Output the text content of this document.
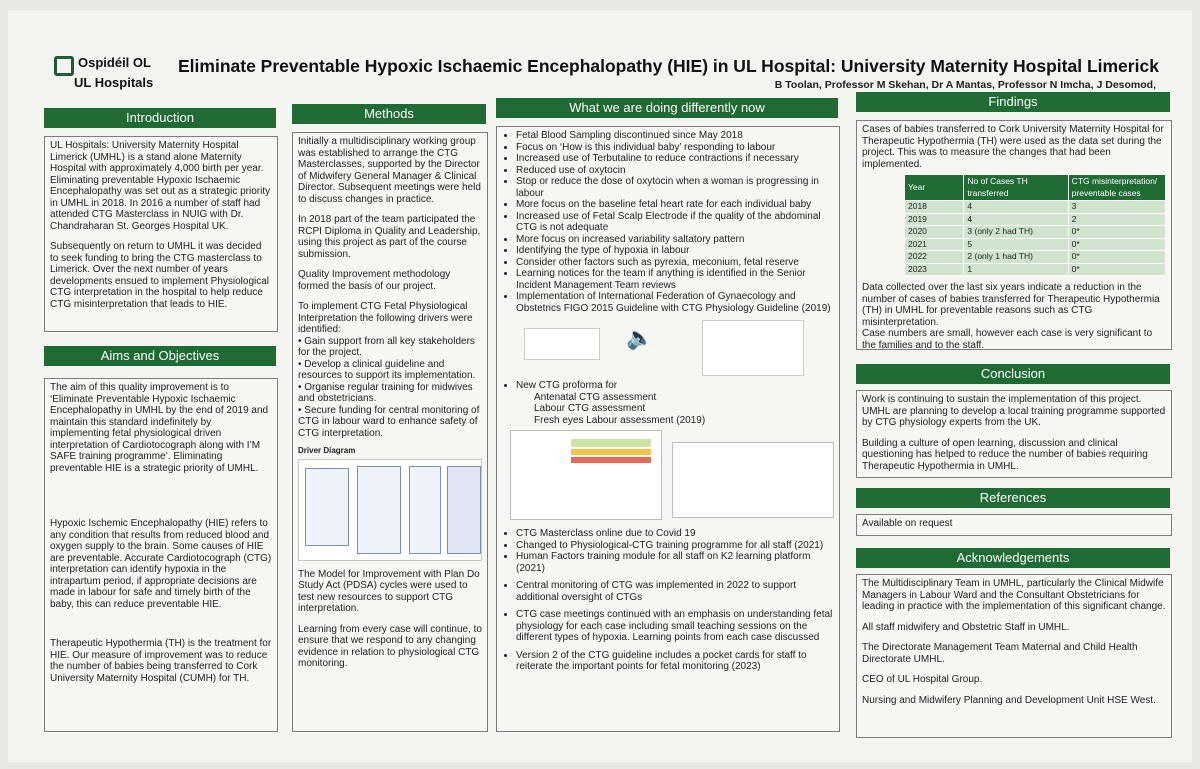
Ospidéil OL
UL Hospitals
Eliminate Preventable Hypoxic Ischaemic Encephalopathy (HIE) in UL Hospital: University Maternity Hospital Limerick
B Toolan, Professor M Skehan, Dr A Mantas, Professor N Imcha, J Desomod,
Introduction

UL Hospitals: University Maternity Hospital Limerick (UMHL) is a stand alone Maternity Hospital with approximately 4,000 birth per year. Eliminating preventable Hypoxic Ischaemic Encephalopathy was set out as a strategic priority in UMHL in 2018. In 2016 a number of staff had attended CTG Masterclass in NUIG with Dr. Chandraharan St. Georges Hospital UK.

Subsequently on return to UMHL it was decided to seek funding to bring the CTG masterclass to Limerick. Over the next number of years developments ensued to implement Physiological CTG interpretation in the hospital to help reduce CTG misinterpretation that leads to HIE.

Aims and Objectives

The aim of this quality improvement is to ‘Eliminate Preventable Hypoxic Ischaemic Encephalopathy in UMHL by the end of 2019 and maintain this standard indefinitely by implementing fetal physiological driven interpretation of Cardiotocograph along with I’M SAFE training programme’. Eliminating preventable HIE is a strategic priority of UMHL.

Hypoxic Ischemic Encephalopathy (HIE) refers to any condition that results from reduced blood and oxygen supply to the brain. Some causes of HIE are preventable. Accurate Cardiotocograph (CTG) interpretation can identify hypoxia in the intrapartum period, if appropriate decisions are made in labour for safe and timely birth of the baby, this can reduce preventable HIE.

Therapeutic Hypothermia (TH) is the treatment for HIE. Our measure of improvement was to reduce the number of babies being transferred to Cork University Maternity Hospital (CUMH) for TH.

Methods

Initially a multidisciplinary working group was established to arrange the CTG Masterclasses, supported by the Director of Midwifery General Manager & Clinical Director. Subsequent meetings were held to discuss changes in practice.

In 2018 part of the team participated the RCPI Diploma in Quality and Leadership, using this project as part of the course submission.

Quality Improvement methodology formed the basis of our project.

To implement CTG Fetal Physiological Interpretation the following drivers were identified:
• Gain support from all key stakeholders for the project.
• Develop a clinical guideline and resources to support its implementation.
• Organise regular training for midwives and obstetricians.
• Secure funding for central monitoring of CTG in labour ward to enhance safety of CTG interpretation.
Driver Diagram

The Model for Improvement with Plan Do Study Act (PDSA) cycles were used to test new resources to support CTG interpretation.

Learning from every case will continue, to ensure that we respond to any changing evidence in relation to physiological CTG monitoring.

What we are doing differently now
• Fetal Blood Sampling discontinued since May 2018
• Focus on ‘How is this individual baby’ responding to labour
• Increased use of Terbutaline to reduce contractions if necessary
• Reduced use of oxytocin
• Stop or reduce the dose of oxytocin when a woman is progressing in labour
• More focus on the baseline fetal heart rate for each individual baby
• Increased use of Fetal Scalp Electrode if the quality of the abdominal CTG is not adequate
• More focus on increased variability saltatory pattern
• Identifying the type of hypoxia in labour
• Consider other factors such as pyrexia, meconium, fetal reserve
• Learning notices for the team if anything is identified in the Senior Incident Management Team reviews
• Implementation of International Federation of Gynaecology and Obstetrics FIGO 2015 Guideline with CTG Physiology Guideline (2019)
🔈
• New CTG proforma for
Antenatal CTG assessment
Labour CTG assessment
Fresh eyes Labour assessment (2019)
• CTG Masterclass online due to Covid 19
• Changed to Physiological-CTG training programme for all staff (2021)
• Human Factors training module for all staff on K2 learning platform (2021)
• Central monitoring of CTG was implemented in 2022 to support additional oversight of CTGs
• CTG case meetings continued with an emphasis on understanding fetal physiology for each case including small teaching sessions on the different types of hypoxia. Learning points from each case discussed
• Version 2 of the CTG guideline includes a pocket cards for staff to reiterate the important points for fetal monitoring (2023)
Findings
Cases of babies transferred to Cork University Maternity Hospital for Therapeutic Hypothermia (TH) were used as the data set during the project. This was to measure the changes that had been implemented.
Year	No of Cases TH transferred	CTG misinterpretation/ preventable cases
2018	4	3
2019	4	2
2020	3 (only 2 had TH)	0*
2021	5	0*
2022	2 (only 1 had TH)	0*
2023	1	0*
Data collected over the last six years indicate a reduction in the number of cases of babies transferred for Therapeutic Hypothermia (TH) in UMHL for preventable reasons such as CTG misinterpretation.
Case numbers are small, however each case is very significant to the families and to the staff.
Conclusion

Work is continuing to sustain the implementation of this project. UMHL are planning to develop a local training programme supported by CTG physiology experts from the UK.

Building a culture of open learning, discussion and clinical questioning has helped to reduce the number of babies requiring Therapeutic Hypothermia in UMHL.

References
Available on request
Acknowledgements

The Multidisciplinary Team in UMHL, particularly the Clinical Midwife Managers in Labour Ward and the Consultant Obstetricians for leading in practice with the implementation of this significant change.

All staff midwifery and Obstetric Staff in UMHL.

The Directorate Management Team Maternal and Child Health Directorate UMHL.

CEO of UL Hospital Group.

Nursing and Midwifery Planning and Development Unit HSE West.
